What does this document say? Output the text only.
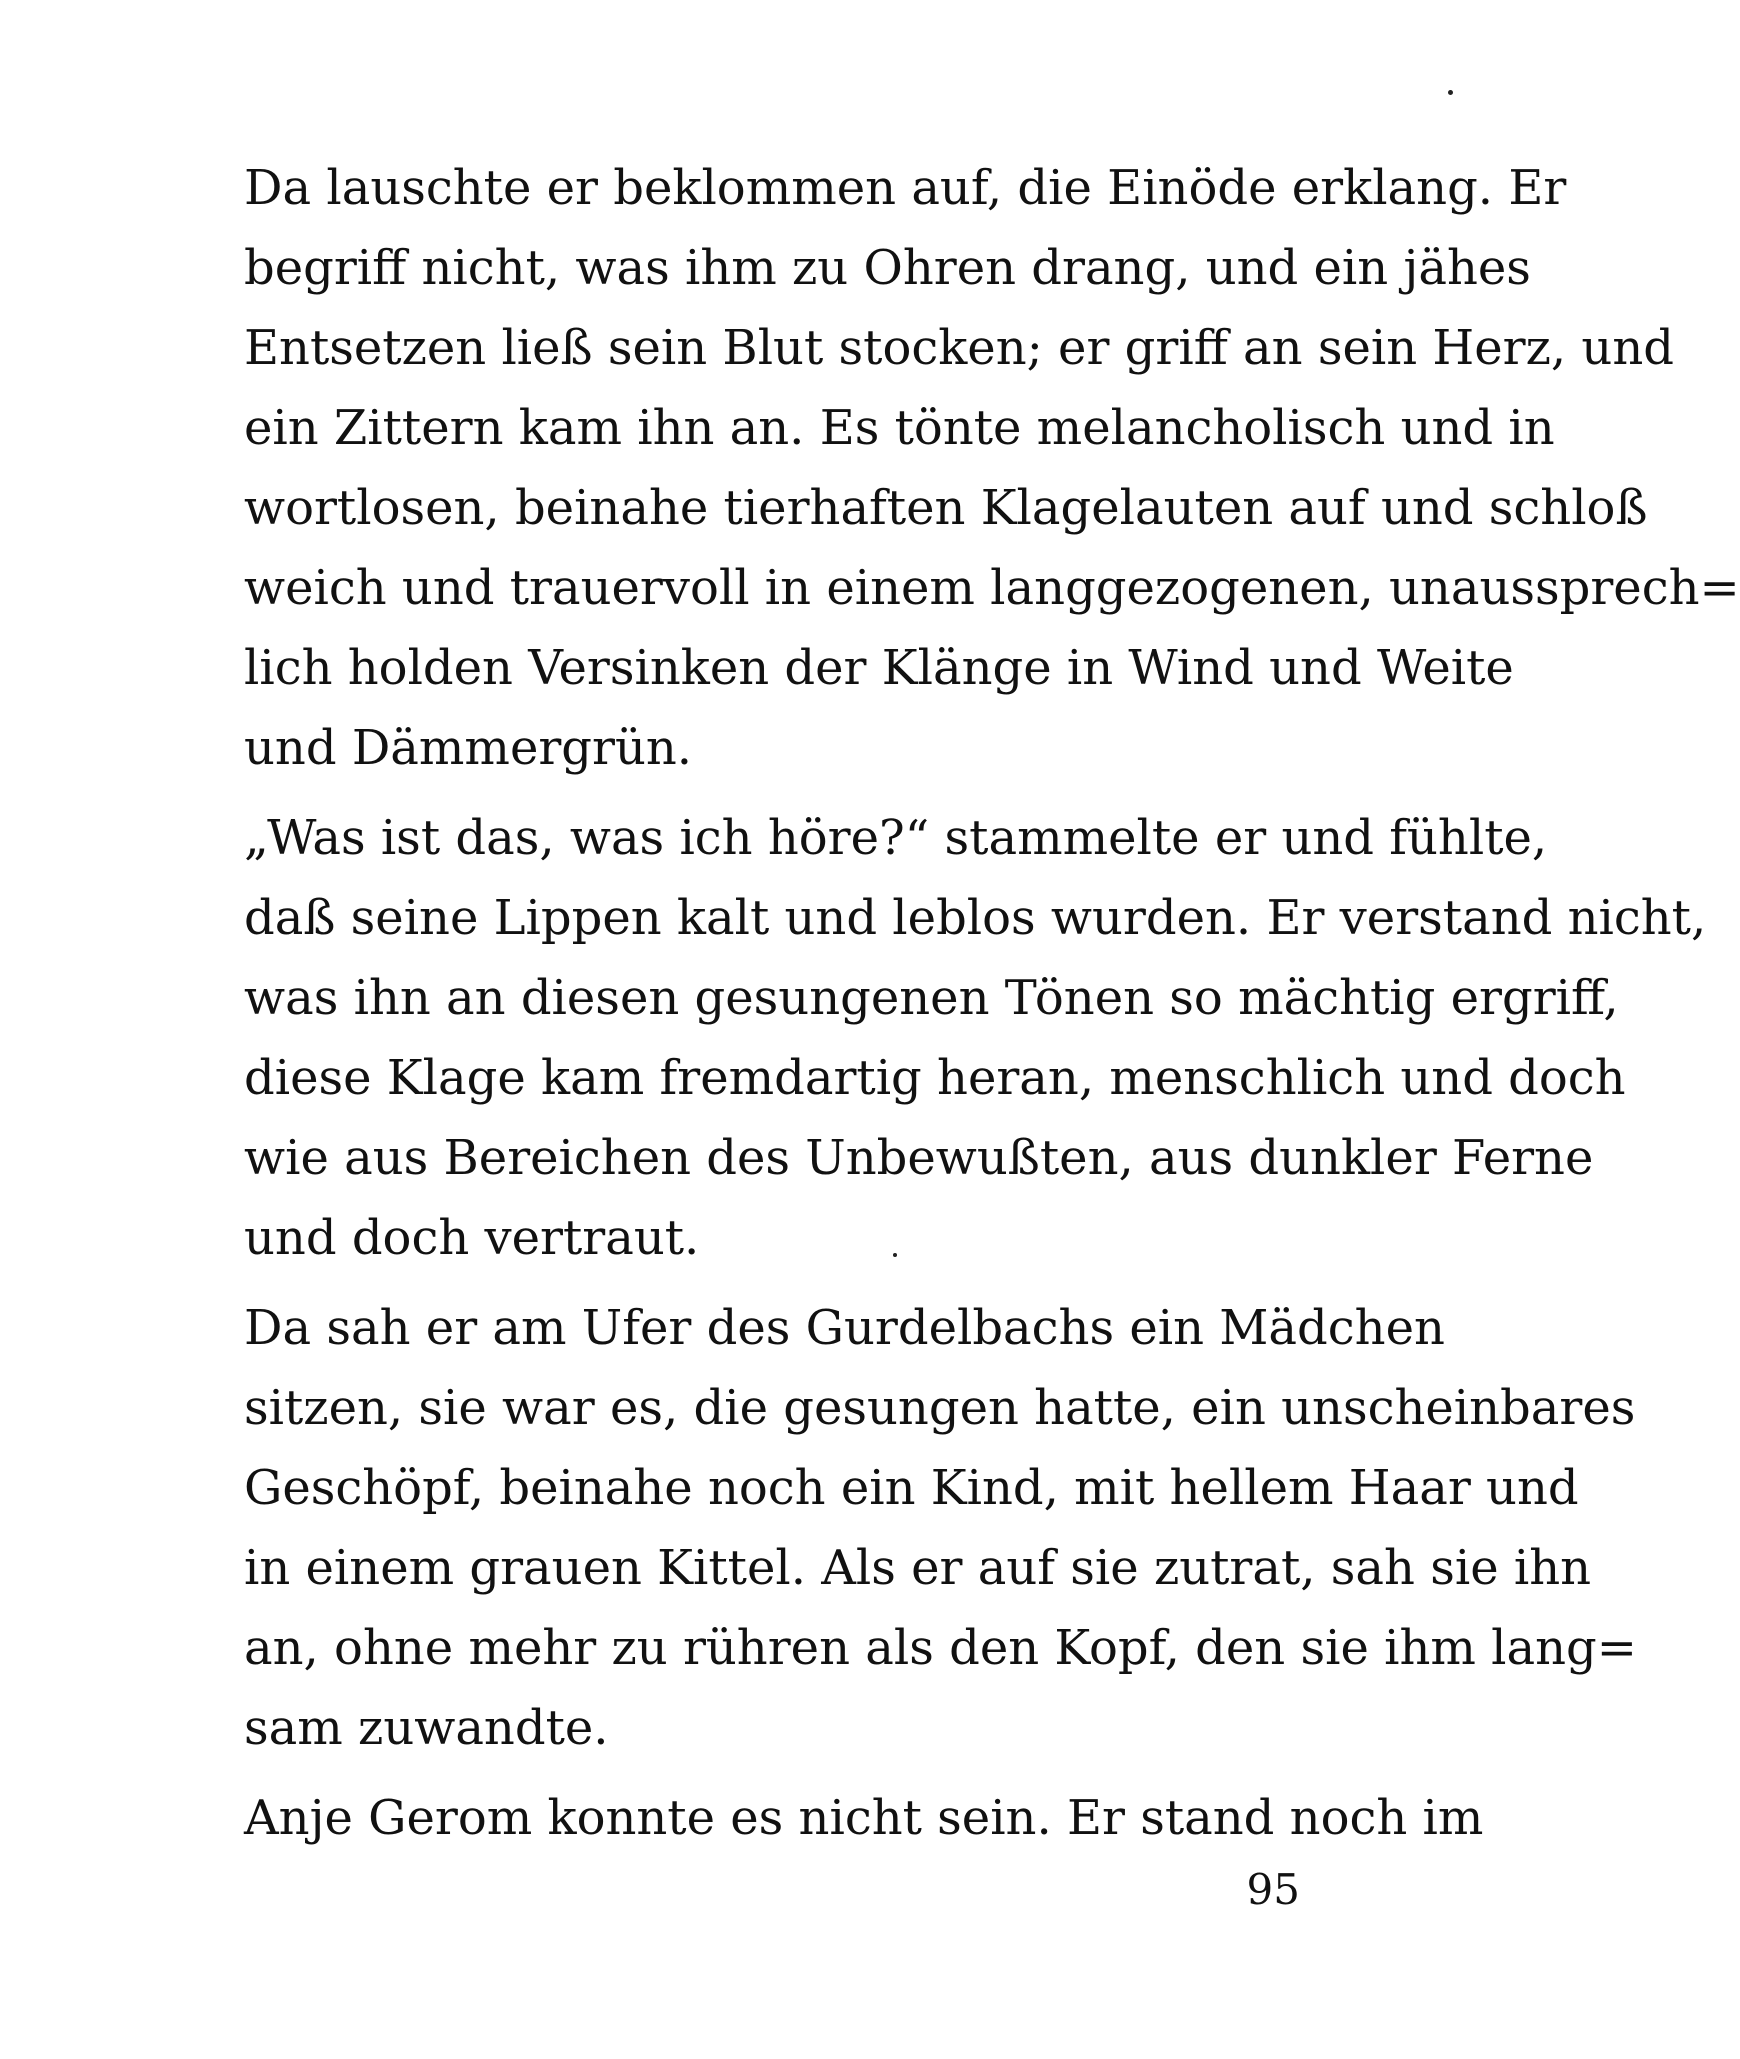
Da lauschte er beklommen auf, die Einöde erklang. Er
begriff nicht, was ihm zu Ohren drang, und ein jähes
Entsetzen ließ sein Blut stocken; er griff an sein Herz, und
ein Zittern kam ihn an. Es tönte melancholisch und in
wortlosen, beinahe tierhaften Klagelauten auf und schloß
weich und trauervoll in einem langgezogenen, unaussprech=
lich holden Versinken der Klänge in Wind und Weite
und Dämmergrün.

„Was ist das, was ich höre?“ stammelte er und fühlte,
daß seine Lippen kalt und leblos wurden. Er verstand nicht,
was ihn an diesen gesungenen Tönen so mächtig ergriff,
diese Klage kam fremdartig heran, menschlich und doch
wie aus Bereichen des Unbewußten, aus dunkler Ferne
und doch vertraut.

Da sah er am Ufer des Gurdelbachs ein Mädchen
sitzen, sie war es, die gesungen hatte, ein unscheinbares
Geschöpf, beinahe noch ein Kind, mit hellem Haar und
in einem grauen Kittel. Als er auf sie zutrat, sah sie ihn
an, ohne mehr zu rühren als den Kopf, den sie ihm lang=
sam zuwandte.

Anje Gerom konnte es nicht sein. Er stand noch im

95
